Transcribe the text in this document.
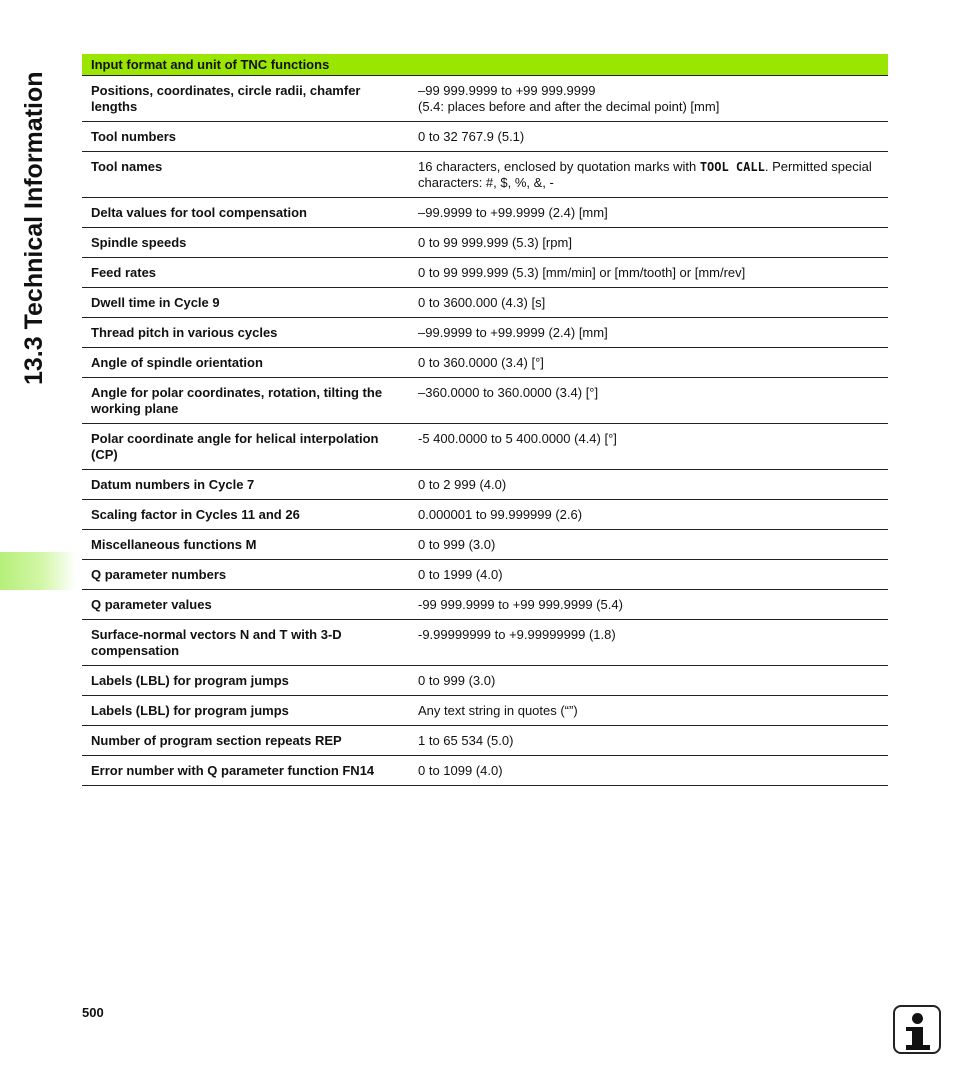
13.3 Technical Information
Input format and unit of TNC functions	
Positions, coordinates, circle radii, chamfer lengths	–99 999.9999 to +99 999.9999
(5.4: places before and after the decimal point) [mm]

Tool numbers	0 to 32 767.9 (5.1)
Tool names	16 characters, enclosed by quotation marks with TOOL CALL. Permitted special characters: #, $, %, &, -
Delta values for tool compensation	–99.9999 to +99.9999 (2.4) [mm]
Spindle speeds	0 to 99 999.999 (5.3) [rpm]
Feed rates	0 to 99 999.999 (5.3) [mm/min] or [mm/tooth] or [mm/rev]
Dwell time in Cycle 9	0 to 3600.000 (4.3) [s]
Thread pitch in various cycles	–99.9999 to +99.9999 (2.4) [mm]
Angle of spindle orientation	0 to 360.0000 (3.4) [°]
Angle for polar coordinates, rotation, tilting the working plane	–360.0000 to 360.0000 (3.4) [°]
Polar coordinate angle for helical interpolation (CP)	-5 400.0000 to 5 400.0000 (4.4) [°]
Datum numbers in Cycle 7	0 to 2 999 (4.0)
Scaling factor in Cycles 11 and 26	0.000001 to 99.999999 (2.6)
Miscellaneous functions M	0 to 999 (3.0)
Q parameter numbers	0 to 1999 (4.0)
Q parameter values	-99 999.9999 to +99 999.9999 (5.4)
Surface-normal vectors N and T with 3-D compensation	-9.99999999 to +9.99999999 (1.8)
Labels (LBL) for program jumps	0 to 999 (3.0)
Labels (LBL) for program jumps	Any text string in quotes (“”)
Number of program section repeats REP	1 to 65 534 (5.0)
Error number with Q parameter function FN14	0 to 1099 (4.0)
500
